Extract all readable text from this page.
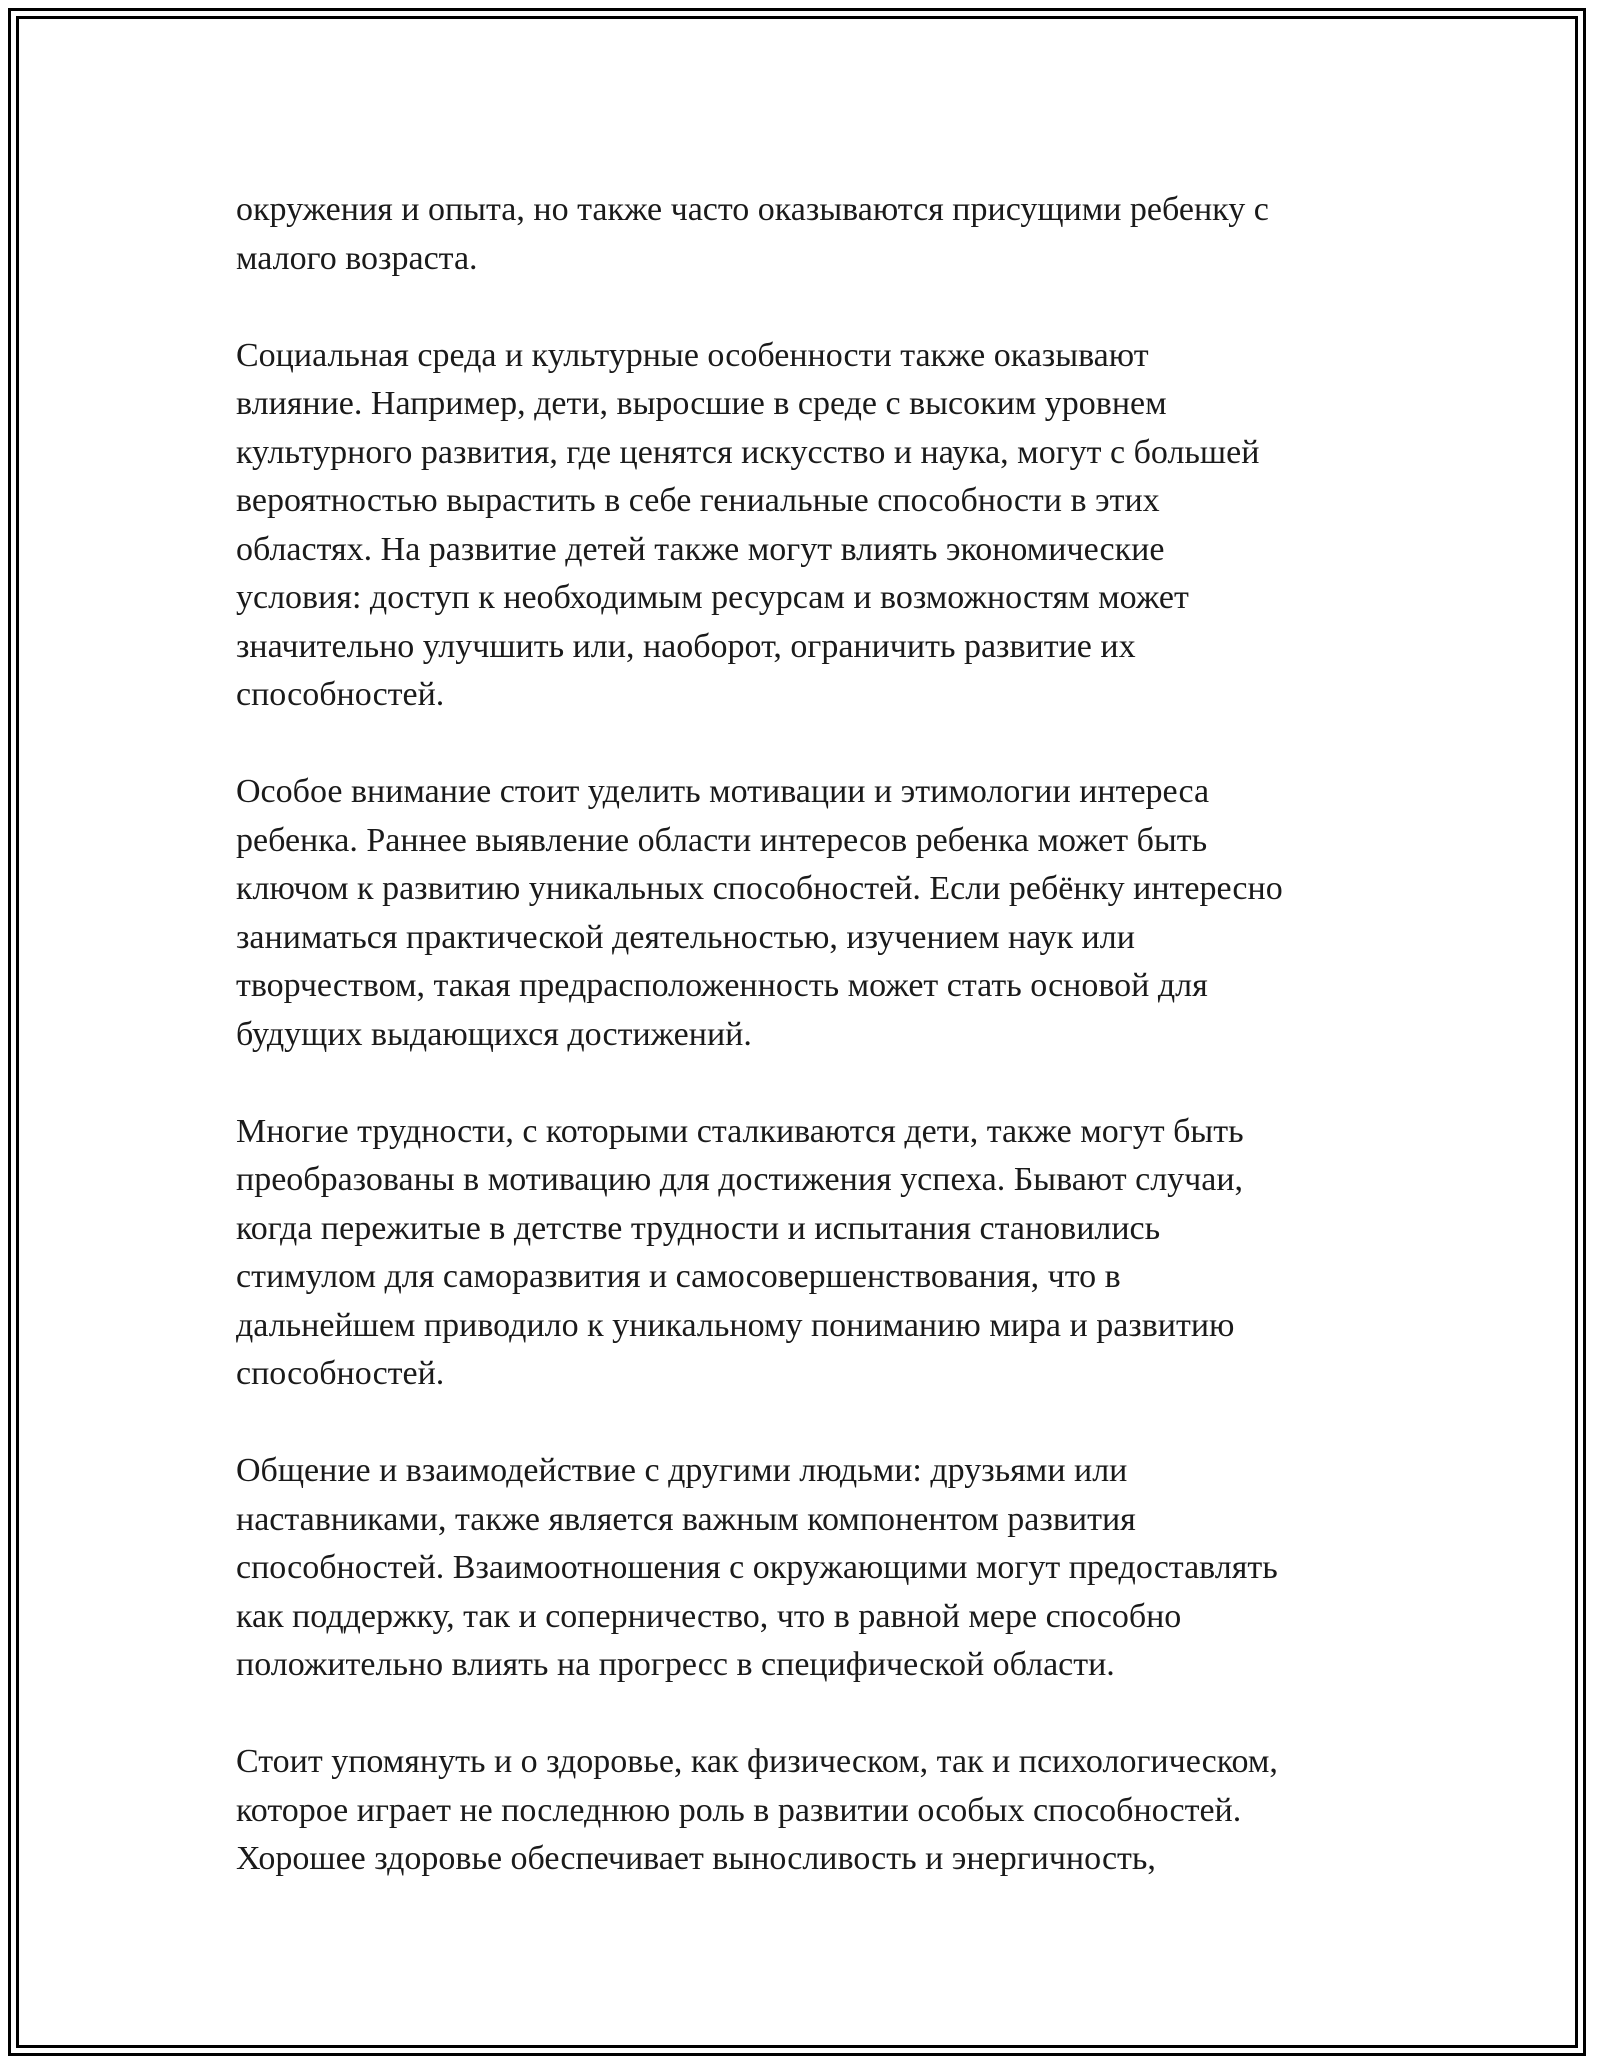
окружения и опыта, но также часто оказываются присущими ребенку с
малого возраста.

Социальная среда и культурные особенности также оказывают
влияние. Например, дети, выросшие в среде с высоким уровнем
культурного развития, где ценятся искусство и наука, могут с большей
вероятностью вырастить в себе гениальные способности в этих
областях. На развитие детей также могут влиять экономические
условия: доступ к необходимым ресурсам и возможностям может
значительно улучшить или, наоборот, ограничить развитие их
способностей.

Особое внимание стоит уделить мотивации и этимологии интереса
ребенка. Раннее выявление области интересов ребенка может быть
ключом к развитию уникальных способностей. Если ребёнку интересно
заниматься практической деятельностью, изучением наук или
творчеством, такая предрасположенность может стать основой для
будущих выдающихся достижений.

Многие трудности, с которыми сталкиваются дети, также могут быть
преобразованы в мотивацию для достижения успеха. Бывают случаи,
когда пережитые в детстве трудности и испытания становились
стимулом для саморазвития и самосовершенствования, что в
дальнейшем приводило к уникальному пониманию мира и развитию
способностей.

Общение и взаимодействие с другими людьми: друзьями или
наставниками, также является важным компонентом развития
способностей. Взаимоотношения с окружающими могут предоставлять
как поддержку, так и соперничество, что в равной мере способно
положительно влиять на прогресс в специфической области.

Стоит упомянуть и о здоровье, как физическом, так и психологическом,
которое играет не последнюю роль в развитии особых способностей.
Хорошее здоровье обеспечивает выносливость и энергичность,
